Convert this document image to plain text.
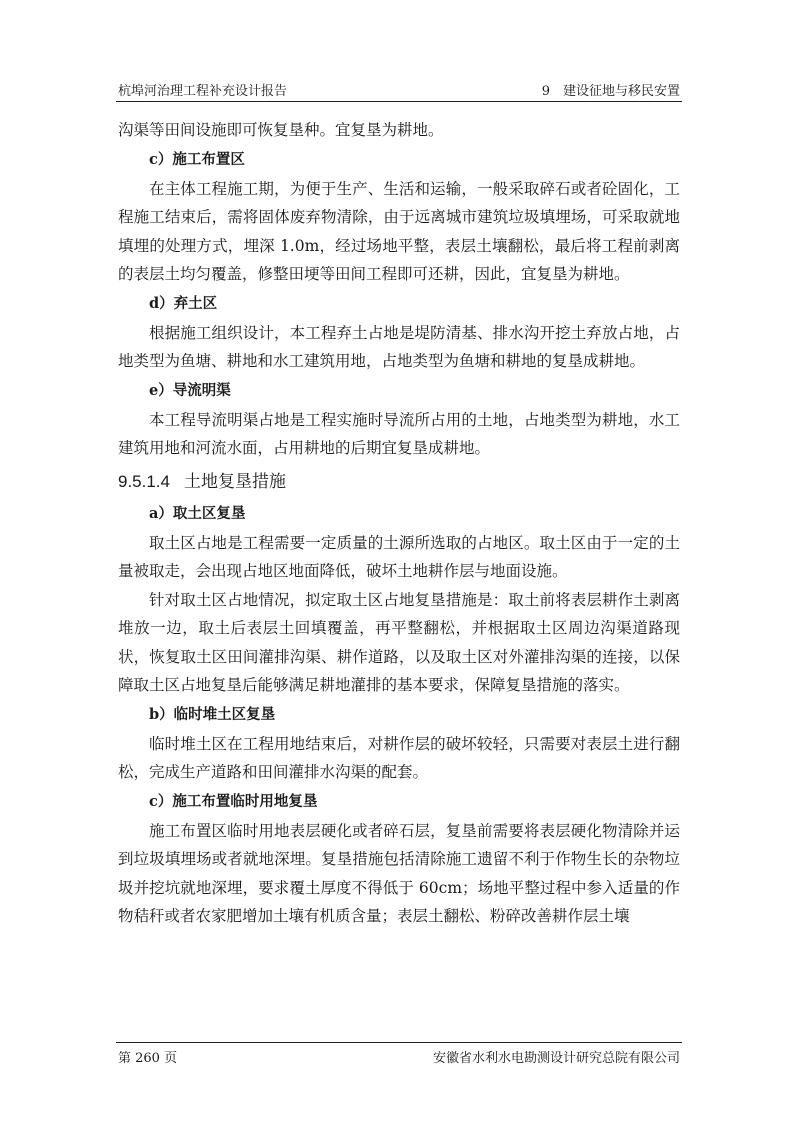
杭埠河治理工程补充设计报告	9　建设征地与移民安置

沟渠等田间设施即可恢复垦种。宜复垦为耕地。

c）施工布置区

在主体工程施工期，为便于生产、生活和运输，一般采取碎石或者砼固化，工程施工结束后，需将固体废弃物清除，由于远离城市建筑垃圾填埋场，可采取就地填埋的处理方式，埋深 1.0m，经过场地平整，表层土壤翻松，最后将工程前剥离的表层土均匀覆盖，修整田埂等田间工程即可还耕，因此，宜复垦为耕地。

d）弃土区

根据施工组织设计，本工程弃土占地是堤防清基、排水沟开挖土弃放占地，占地类型为鱼塘、耕地和水工建筑用地，占地类型为鱼塘和耕地的复垦成耕地。

e）导流明渠

本工程导流明渠占地是工程实施时导流所占用的土地，占地类型为耕地，水工建筑用地和河流水面，占用耕地的后期宜复垦成耕地。

9.5.1.4 土地复垦措施
a）取土区复垦

取土区占地是工程需要一定质量的土源所选取的占地区。取土区由于一定的土量被取走，会出现占地区地面降低，破坏土地耕作层与地面设施。

针对取土区占地情况，拟定取土区占地复垦措施是：取土前将表层耕作土剥离堆放一边，取土后表层土回填覆盖，再平整翻松，并根据取土区周边沟渠道路现状，恢复取土区田间灌排沟渠、耕作道路，以及取土区对外灌排沟渠的连接，以保障取土区占地复垦后能够满足耕地灌排的基本要求，保障复垦措施的落实。

b）临时堆土区复垦

临时堆土区在工程用地结束后，对耕作层的破坏较轻，只需要对表层土进行翻松，完成生产道路和田间灌排水沟渠的配套。

c）施工布置临时用地复垦

施工布置区临时用地表层硬化或者碎石层，复垦前需要将表层硬化物清除并运到垃圾填埋场或者就地深埋。复垦措施包括清除施工遗留不利于作物生长的杂物垃圾并挖坑就地深埋，要求覆土厚度不得低于 60cm；场地平整过程中参入适量的作物秸秆或者农家肥增加土壤有机质含量；表层土翻松、粉碎改善耕作层土壤

第 260 页	安徽省水利水电勘测设计研究总院有限公司
